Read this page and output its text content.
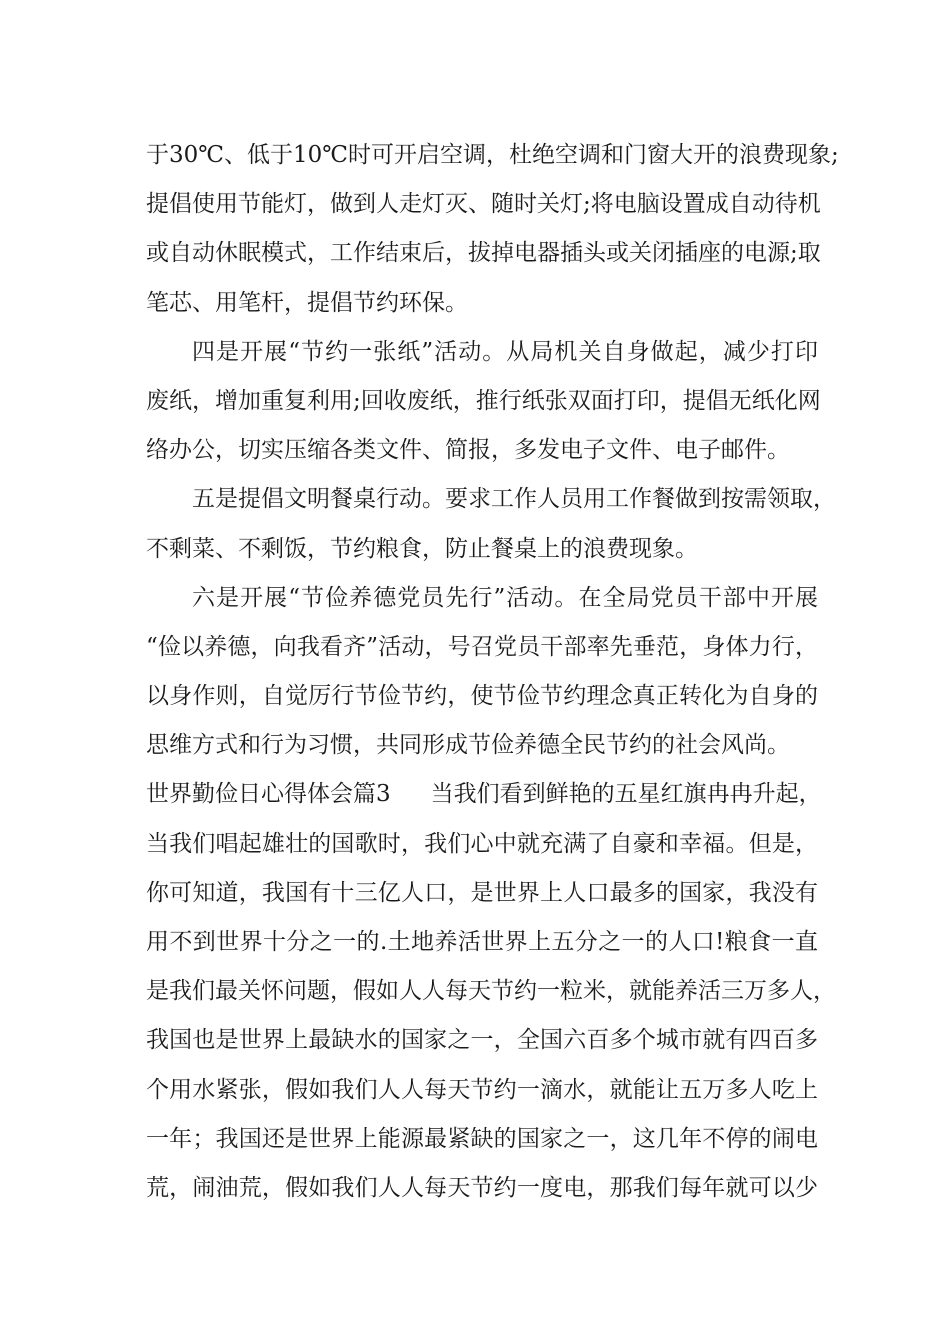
于30℃、低于10℃时可开启空调，杜绝空调和门窗大开的浪费现象;
提倡使用节能灯，做到人走灯灭、随时关灯;将电脑设置成自动待机
或自动休眠模式，工作结束后，拔掉电器插头或关闭插座的电源;取
笔芯、用笔杆，提倡节约环保。
四是开展“节约一张纸”活动。从局机关自身做起，减少打印
废纸，增加重复利用;回收废纸，推行纸张双面打印，提倡无纸化网
络办公，切实压缩各类文件、简报，多发电子文件、电子邮件。
五是提倡文明餐桌行动。要求工作人员用工作餐做到按需领取，
不剩菜、不剩饭，节约粮食，防止餐桌上的浪费现象。
六是开展“节俭养德党员先行”活动。在全局党员干部中开展
“俭以养德，向我看齐”活动，号召党员干部率先垂范，身体力行，
以身作则，自觉厉行节俭节约，使节俭节约理念真正转化为自身的
思维方式和行为习惯，共同形成节俭养德全民节约的社会风尚。
世界勤俭日心得体会篇3 当我们看到鲜艳的五星红旗冉冉升起，
当我们唱起雄壮的国歌时，我们心中就充满了自豪和幸福。但是，
你可知道，我国有十三亿人口，是世界上人口最多的国家，我没有
用不到世界十分之一的.土地养活世界上五分之一的人口!粮食一直
是我们最关怀问题，假如人人每天节约一粒米，就能养活三万多人，
我国也是世界上最缺水的国家之一，全国六百多个城市就有四百多
个用水紧张，假如我们人人每天节约一滴水，就能让五万多人吃上
一年；我国还是世界上能源最紧缺的国家之一，这几年不停的闹电
荒，闹油荒，假如我们人人每天节约一度电，那我们每年就可以少
